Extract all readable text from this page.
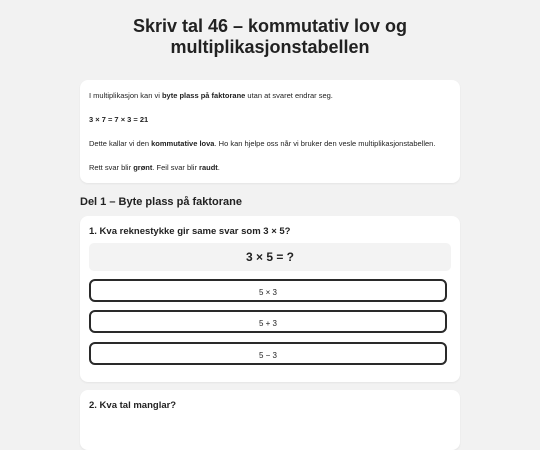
Skriv tal 46 – kommutativ lov og multiplikasjonstabellen

I multiplikasjon kan vi byte plass på faktorane utan at svaret endrar seg.

3 × 7 = 7 × 3 = 21

Dette kallar vi den kommutative lova. Ho kan hjelpe oss når vi bruker den vesle multiplikasjonstabellen.

Rett svar blir grønt. Feil svar blir raudt.

Del 1 – Byte plass på faktorane
1. Kva reknestykke gir same svar som 3 × 5?
3 × 5 = ?
5 × 3
5 + 3
5 − 3
2. Kva tal manglar?
